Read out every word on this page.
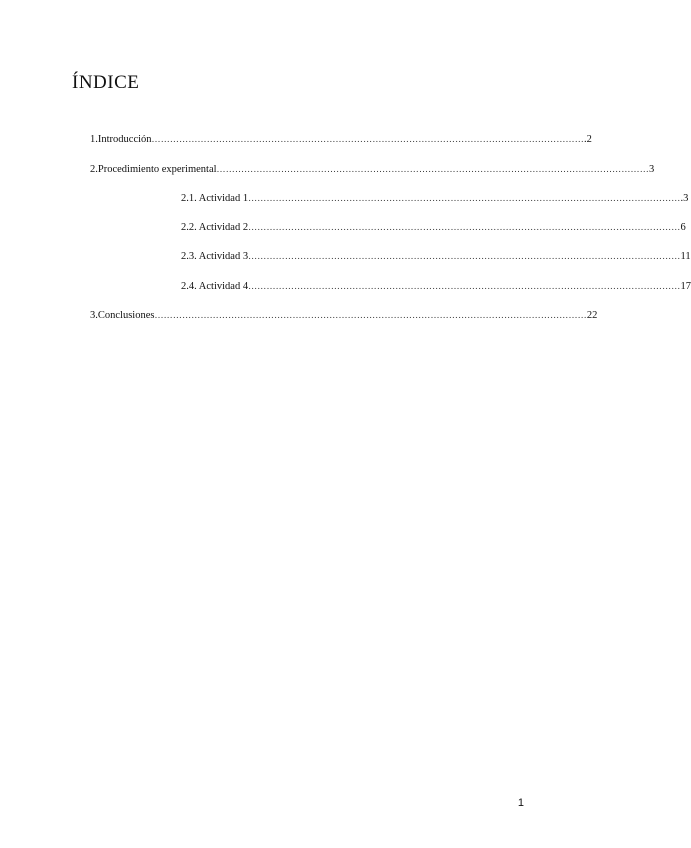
ÍNDICE
1. Introducción …………………………………………………………………………………………………………………………… .2
2. Procedimiento experimental …………………………………………………………………………………………………………………………… 3
2.1. Actividad 1 …………………………………………………………………………………………………………………………… .3
2.2. Actividad 2 …………………………………………………………………………………………………………………………… 6
2.3. Actividad 3 …………………………………………………………………………………………………………………………… 11
2.4. Actividad 4 …………………………………………………………………………………………………………………………… 17
3. Conclusiones …………………………………………………………………………………………………………………………… 22
1
